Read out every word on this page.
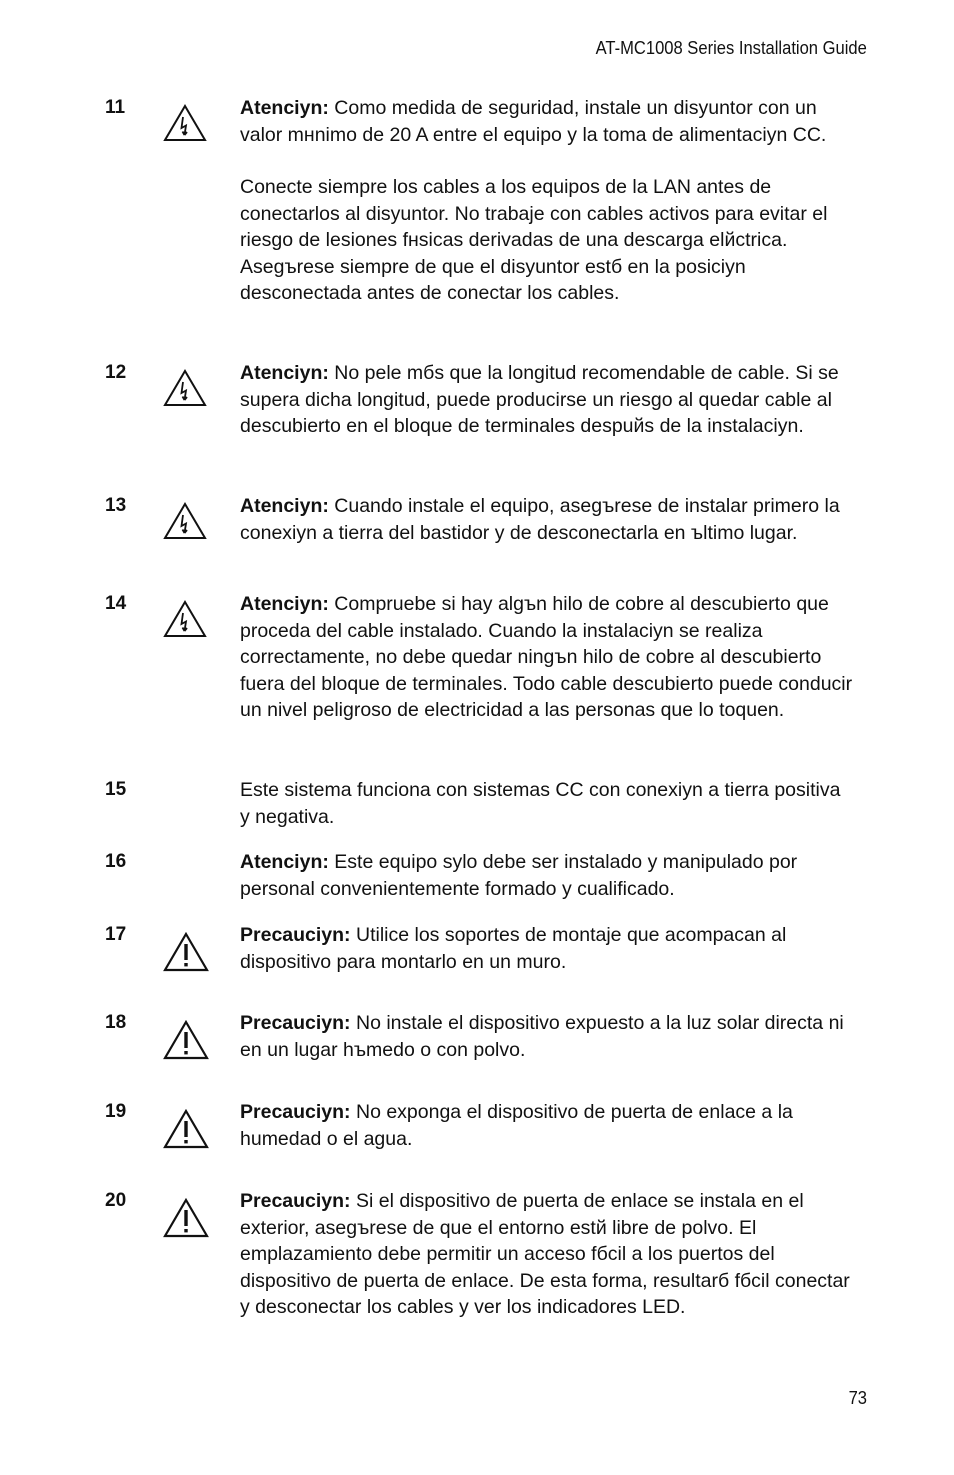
AT-MC1008 Series Installation Guide
11	Atenciуn: Como medida de seguridad, instale un disyuntor con un valor mнnimo de 20 A entre el equipo y la toma de alimentaciуn CC.

Conecte siempre los cables a los equipos de la LAN antes de conectarlos al disyuntor. No trabaje con cables activos para evitar el riesgo de lesiones fнsicas derivadas de una descarga elйctrica. Asegъrese siempre de que el disyuntor estб en la posiciуn desconectada antes de conectar los cables.

12	Atenciуn: No pele mбs que la longitud recomendable de cable. Si se supera dicha longitud, puede producirse un riesgo al quedar cable al descubierto en el bloque de terminales despuйs de la instalaciуn.

13	Atenciуn: Cuando instale el equipo, asegъrese de instalar primero la conexiуn a tierra del bastidor y de desconectarla en ъltimo lugar.

14	Atenciуn: Compruebe si hay algъn hilo de cobre al descubierto que proceda del cable instalado. Cuando la instalaciуn se realiza correctamente, no debe quedar ningъn hilo de cobre al descubierto fuera del bloque de terminales. Todo cable descubierto puede conducir un nivel peligroso de electricidad a las personas que lo toquen.

15	Este sistema funciona con sistemas CC con conexiуn a tierra positiva y negativa.

16	Atenciуn: Este equipo sуlo debe ser instalado y manipulado por personal convenientemente formado y cualificado.

17	Precauciуn: Utilice los soportes de montaje que acompaсan al dispositivo para montarlo en un muro.

18	Precauciуn: No instale el dispositivo expuesto a la luz solar directa ni en un lugar hъmedo o con polvo.

19	Precauciуn: No exponga el dispositivo de puerta de enlace a la humedad o el agua.

20	Precauciуn: Si el dispositivo de puerta de enlace se instala en el exterior, asegъrese de que el entorno estй libre de polvo. El emplazamiento debe permitir un acceso fбcil a los puertos del dispositivo de puerta de enlace. De esta forma, resultarб fбcil conectar y desconectar los cables y ver los indicadores LED.

73
